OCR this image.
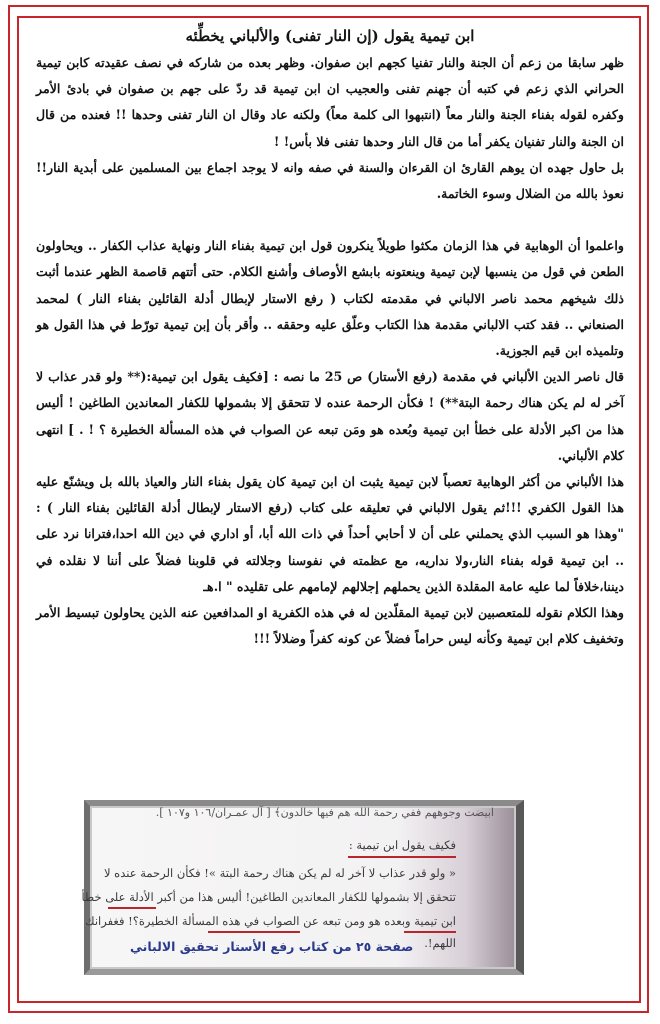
ابن تيمية يقول (إن النار تفنى) والألباني يخطِّئه

ظهر سابقا من زعم أن الجنة والنار تفنيا كجهم ابن صفوان. وظهر بعده من شاركه في نصف عقيدته كابن تيمية الحراني الذي زعم في كتبه أن جهنم تفنى والعجيب ان ابن تيمية قد ردّ على جهم بن صفوان في بادئ الأمر وكفره لقوله بفناء الجنة والنار معاً (انتبهوا الى كلمة معاً) ولكنه عاد وقال ان النار تفنى وحدها !! فعنده من قال ان الجنة والنار تفنيان يكفر أما من قال النار وحدها تفنى فلا بأس! !

بل حاول جهده ان يوهم القارئ ان القرءان والسنة في صفه وانه لا يوجد اجماع بين المسلمين على أبدية النار!! نعوذ بالله من الضلال وسوء الخاتمة.

واعلموا أن الوهابية في هذا الزمان مكثوا طويلاً ينكرون قول ابن تيمية بفناء النار ونهاية عذاب الكفار .. ويحاولون الطعن في قول من ينسبها لإبن تيمية وينعتونه بابشع الأوصاف وأشنع الكلام. حتى أتتهم قاصمة الظهر عندما أثبت ذلك شيخهم محمد ناصر الالباني في مقدمته لكتاب ( رفع الاستار لإبطال أدلة القائلين بفناء النار ) لمحمد الصنعاني .. فقد كتب الالباني مقدمة هذا الكتاب وعلّق عليه وحققه .. وأقر بأن إبن تيمية تورّط في هذا القول هو وتلميذه ابن قيم الجوزية.

قال ناصر الدين الألباني في مقدمة (رفع الأستار) ص 25 ما نصه : [فكيف يقول ابن تيمية:(** ولو قدر عذاب لا آخر له لم يكن هناك رحمة البتة**) ! فكأن الرحمة عنده لا تتحقق إلا بشمولها للكفار المعاندين الطاغين ! أليس هذا من اكبر الأدلة على خطأ ابن تيمية وبُعده هو ومَن تبعه عن الصواب في هذه المسألة الخطيرة ؟ ! . ] انتهى كلام الألباني.

هذا الألباني من أكثر الوهابية تعصباً لابن تيمية يثبت ان ابن تيمية كان يقول بفناء النار والعياذ بالله بل ويشنّع عليه هذا القول الكفري !!!ثم يقول الالباني في تعليقه على كتاب (رفع الاستار لإبطال أدلة القائلين بفناء النار ) : "وهذا هو السبب الذي يحملني على أن لا أحابي أحداً في ذات الله أبا، أو اداري في دين الله احدا،فترانا نرد على .. ابن تيمية قوله بفناء النار،ولا نداريه، مع عظمته في نفوسنا وجلالته في قلوبنا فضلاً على أننا لا نقلده في ديننا،خلافاً لما عليه عامة المقلدة الذين يحملهم إجلالهم لإمامهم على تقليده " ا.هـ

وهذا الكلام نقوله للمتعصبين لابن تيمية المقلّدين له في هذه الكفرية او المدافعين عنه الذين يحاولون تبسيط الأمر وتخفيف كلام ابن تيمية وكأنه ليس حراماً فضلاً عن كونه كفراً وضلالاً !!!

ابيضت وجوههم ففي رحمة الله هم فيها خالدون﴾ [ آل عمـران/١٠٦ و١٠٧ ].
فكيف يقول ابن تيمية :
« ولو قدر عذاب لا آخر له لم يكن هناك رحمة البتة »! فكأن الرحمة عنده لا
تتحقق إلا بشمولها للكفار المعاندين الطاغين! أليس هذا من أكبر الأدلة على خطأ
ابن تيمية وبعده هو ومن تبعه عن الصواب في هذه المسألة الخطيرة؟! فغفرانك
اللهم!.
صفحة ٢٥ من كتاب رفع الأستار تحقيق الالباني
